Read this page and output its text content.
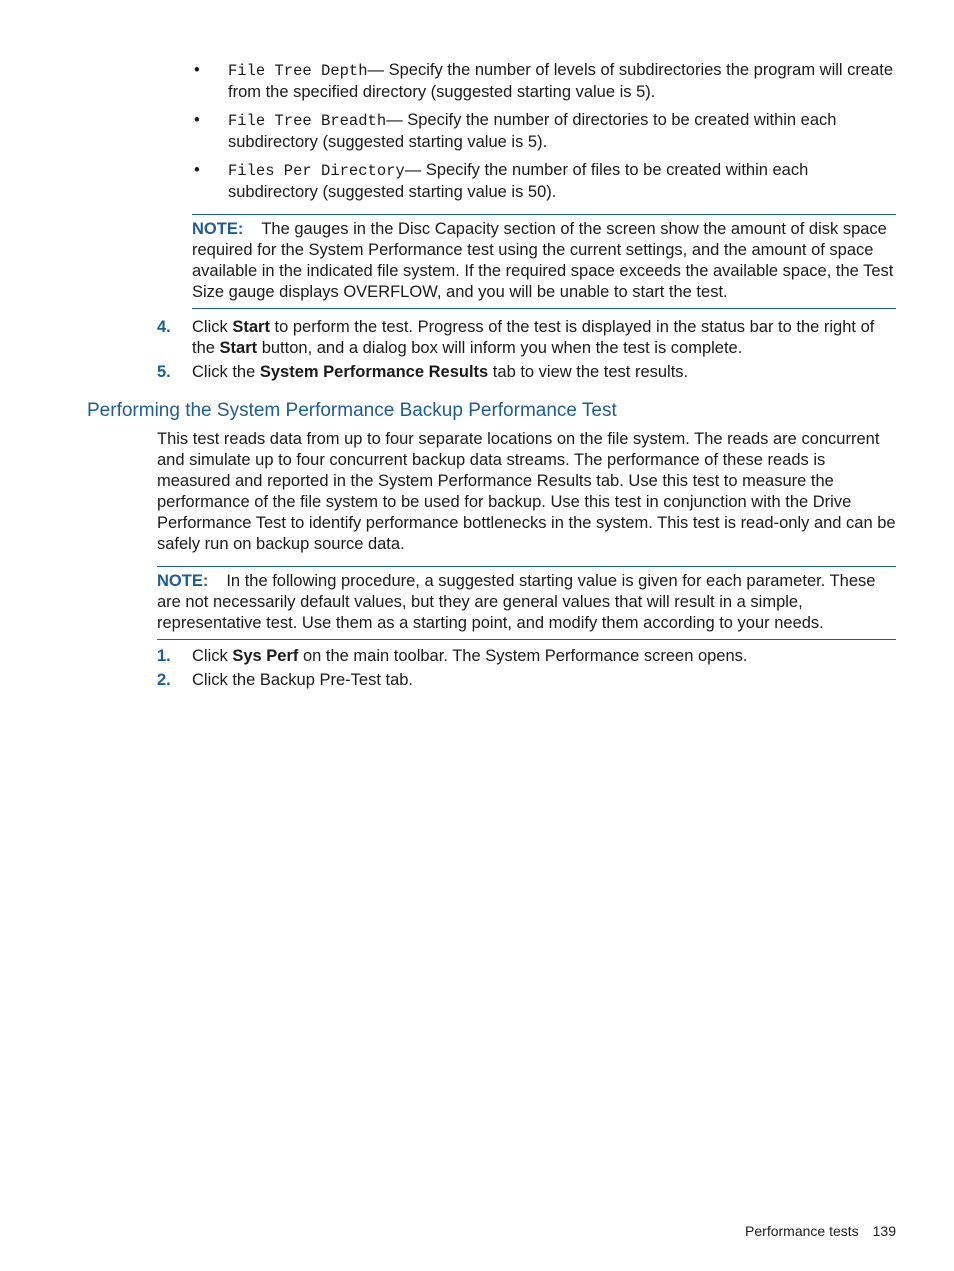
• File Tree Depth— Specify the number of levels of subdirectories the program will create from the specified directory (suggested starting value is 5).
• File Tree Breadth— Specify the number of directories to be created within each subdirectory (suggested starting value is 5).
• Files Per Directory— Specify the number of files to be created within each subdirectory (suggested starting value is 50).
NOTE: The gauges in the Disc Capacity section of the screen show the amount of disk space required for the System Performance test using the current settings, and the amount of space available in the indicated file system. If the required space exceeds the available space, the Test Size gauge displays OVERFLOW, and you will be unable to start the test.
4. Click Start to perform the test. Progress of the test is displayed in the status bar to the right of the Start button, and a dialog box will inform you when the test is complete.
5. Click the System Performance Results tab to view the test results.
Performing the System Performance Backup Performance Test

This test reads data from up to four separate locations on the file system. The reads are concurrent and simulate up to four concurrent backup data streams. The performance of these reads is measured and reported in the System Performance Results tab. Use this test to measure the performance of the file system to be used for backup. Use this test in conjunction with the Drive Performance Test to identify performance bottlenecks in the system. This test is read-only and can be safely run on backup source data.

NOTE: In the following procedure, a suggested starting value is given for each parameter. These are not necessarily default values, but they are general values that will result in a simple, representative test. Use them as a starting point, and modify them according to your needs.
1. Click Sys Perf on the main toolbar. The System Performance screen opens.
2. Click the Backup Pre-Test tab.
Performance tests 139
